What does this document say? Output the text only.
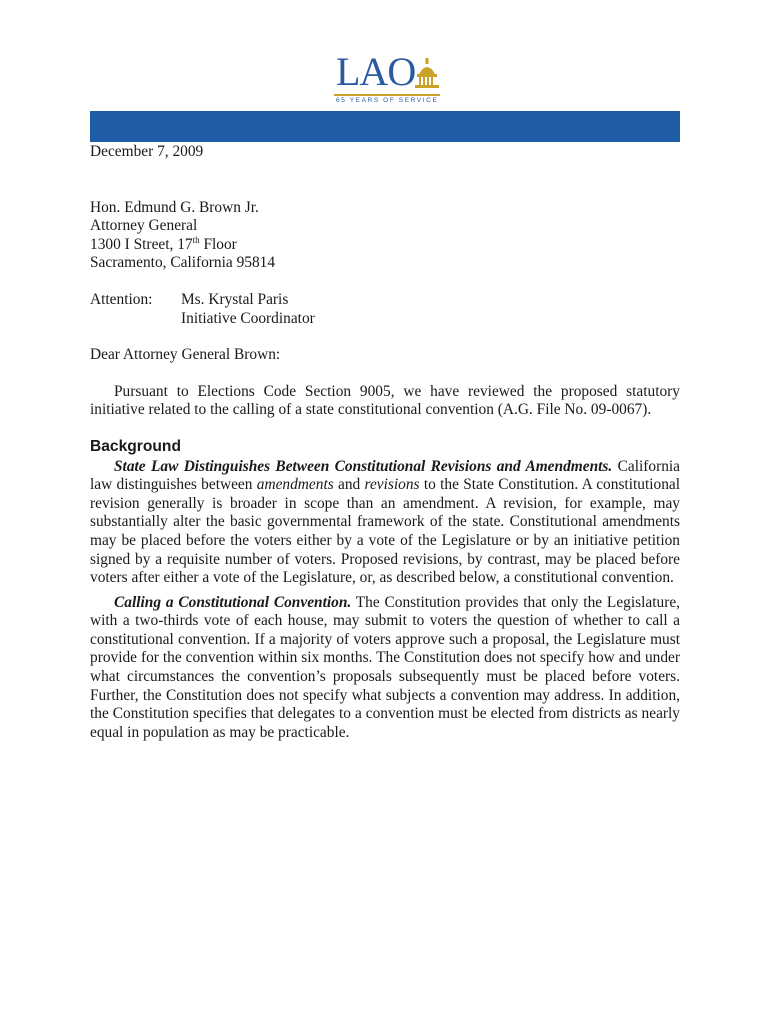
LAO
65 YEARS OF SERVICE

December 7, 2009

Hon. Edmund G. Brown Jr.

Attorney General

1300 I Street, 17th Floor

Sacramento, California 95814

Attention:	Ms. Krystal Paris

Initiative Coordinator

Dear Attorney General Brown:

Pursuant to Elections Code Section 9005, we have reviewed the proposed statutory initiative related to the calling of a state constitutional convention (A.G. File No. 09-0067).

Background

State Law Distinguishes Between Constitutional Revisions and Amendments. California law distinguishes between amendments and revisions to the State Constitution. A constitutional revision generally is broader in scope than an amendment. A revision, for example, may substantially alter the basic governmental framework of the state. Constitutional amendments may be placed before the voters either by a vote of the Legislature or by an initiative petition signed by a requisite number of voters. Proposed revisions, by contrast, may be placed before voters after either a vote of the Legislature, or, as described below, a constitutional convention.

Calling a Constitutional Convention. The Constitution provides that only the Legislature, with a two-thirds vote of each house, may submit to voters the question of whether to call a constitutional convention. If a majority of voters approve such a proposal, the Legislature must provide for the convention within six months. The Constitution does not specify how and under what circumstances the convention’s proposals subsequently must be placed before voters. Further, the Constitution does not specify what subjects a convention may address. In addition, the Constitution specifies that delegates to a convention must be elected from districts as nearly equal in population as may be practicable.
